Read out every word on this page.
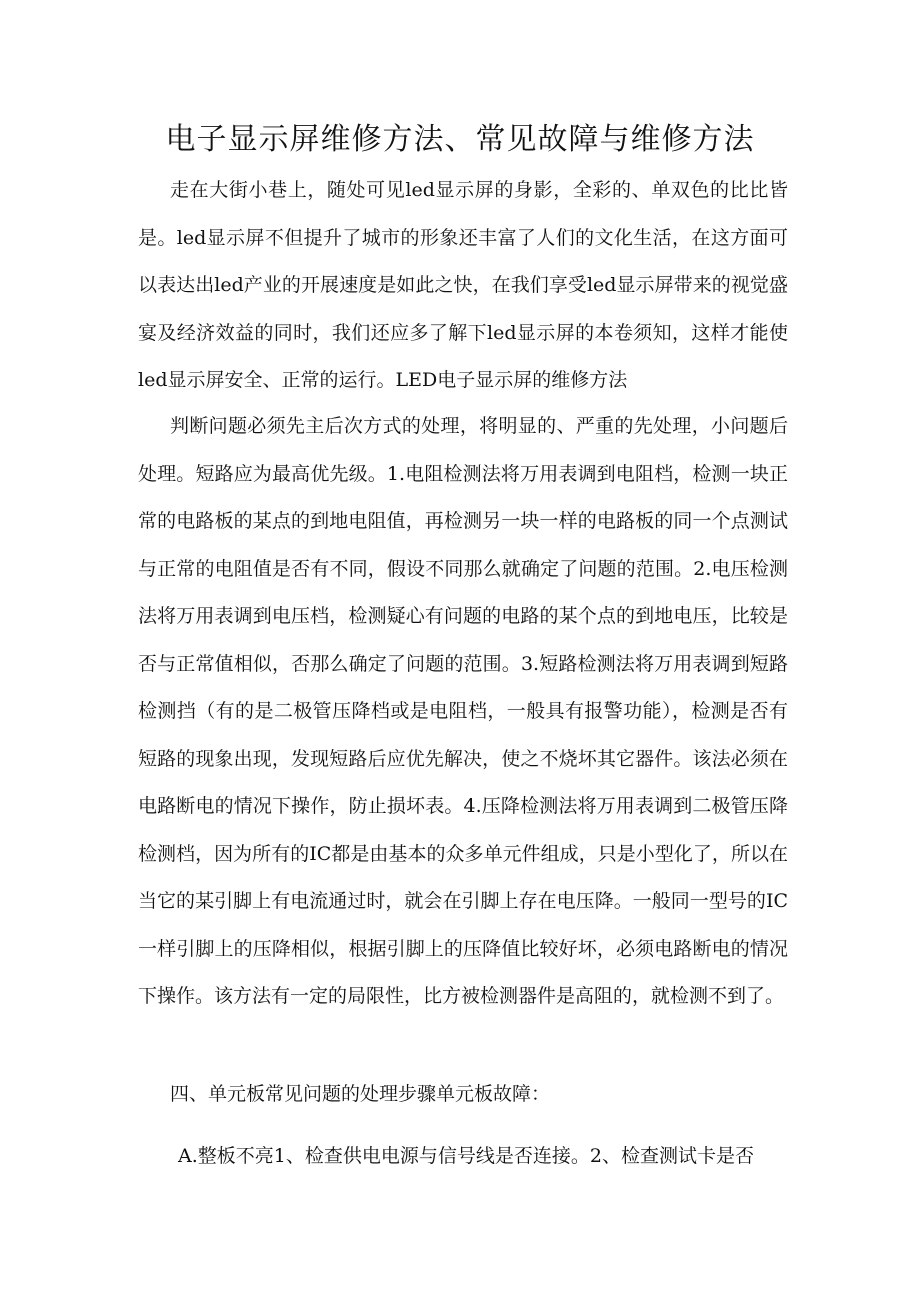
电子显示屏维修方法、常见故障与维修方法

走在大街小巷上，随处可见led显示屏的身影，全彩的、单双色的比比皆是。led显示屏不但提升了城市的形象还丰富了人们的文化生活，在这方面可以表达出led产业的开展速度是如此之快，在我们享受led显示屏带来的视觉盛宴及经济效益的同时，我们还应多了解下led显示屏的本卷须知，这样才能使led显示屏安全、正常的运行。LED电子显示屏的维修方法

判断问题必须先主后次方式的处理，将明显的、严重的先处理，小问题后处理。短路应为最高优先级。1.电阻检测法将万用表调到电阻档，检测一块正常的电路板的某点的到地电阻值，再检测另一块一样的电路板的同一个点测试与正常的电阻值是否有不同，假设不同那么就确定了问题的范围。2.电压检测法将万用表调到电压档，检测疑心有问题的电路的某个点的到地电压，比较是否与正常值相似，否那么确定了问题的范围。3.短路检测法将万用表调到短路检测挡（有的是二极管压降档或是电阻档，一般具有报警功能），检测是否有短路的现象出现，发现短路后应优先解决，使之不烧坏其它器件。该法必须在电路断电的情况下操作，防止损坏表。4.压降检测法将万用表调到二极管压降检测档，因为所有的IC都是由基本的众多单元件组成，只是小型化了，所以在当它的某引脚上有电流通过时，就会在引脚上存在电压降。一般同一型号的IC一样引脚上的压降相似，根据引脚上的压降值比较好坏，必须电路断电的情况下操作。该方法有一定的局限性，比方被检测器件是高阻的，就检测不到了。

四、单元板常见问题的处理步骤单元板故障：

A.整板不亮1、检查供电电源与信号线是否连接。2、检查测试卡是否
